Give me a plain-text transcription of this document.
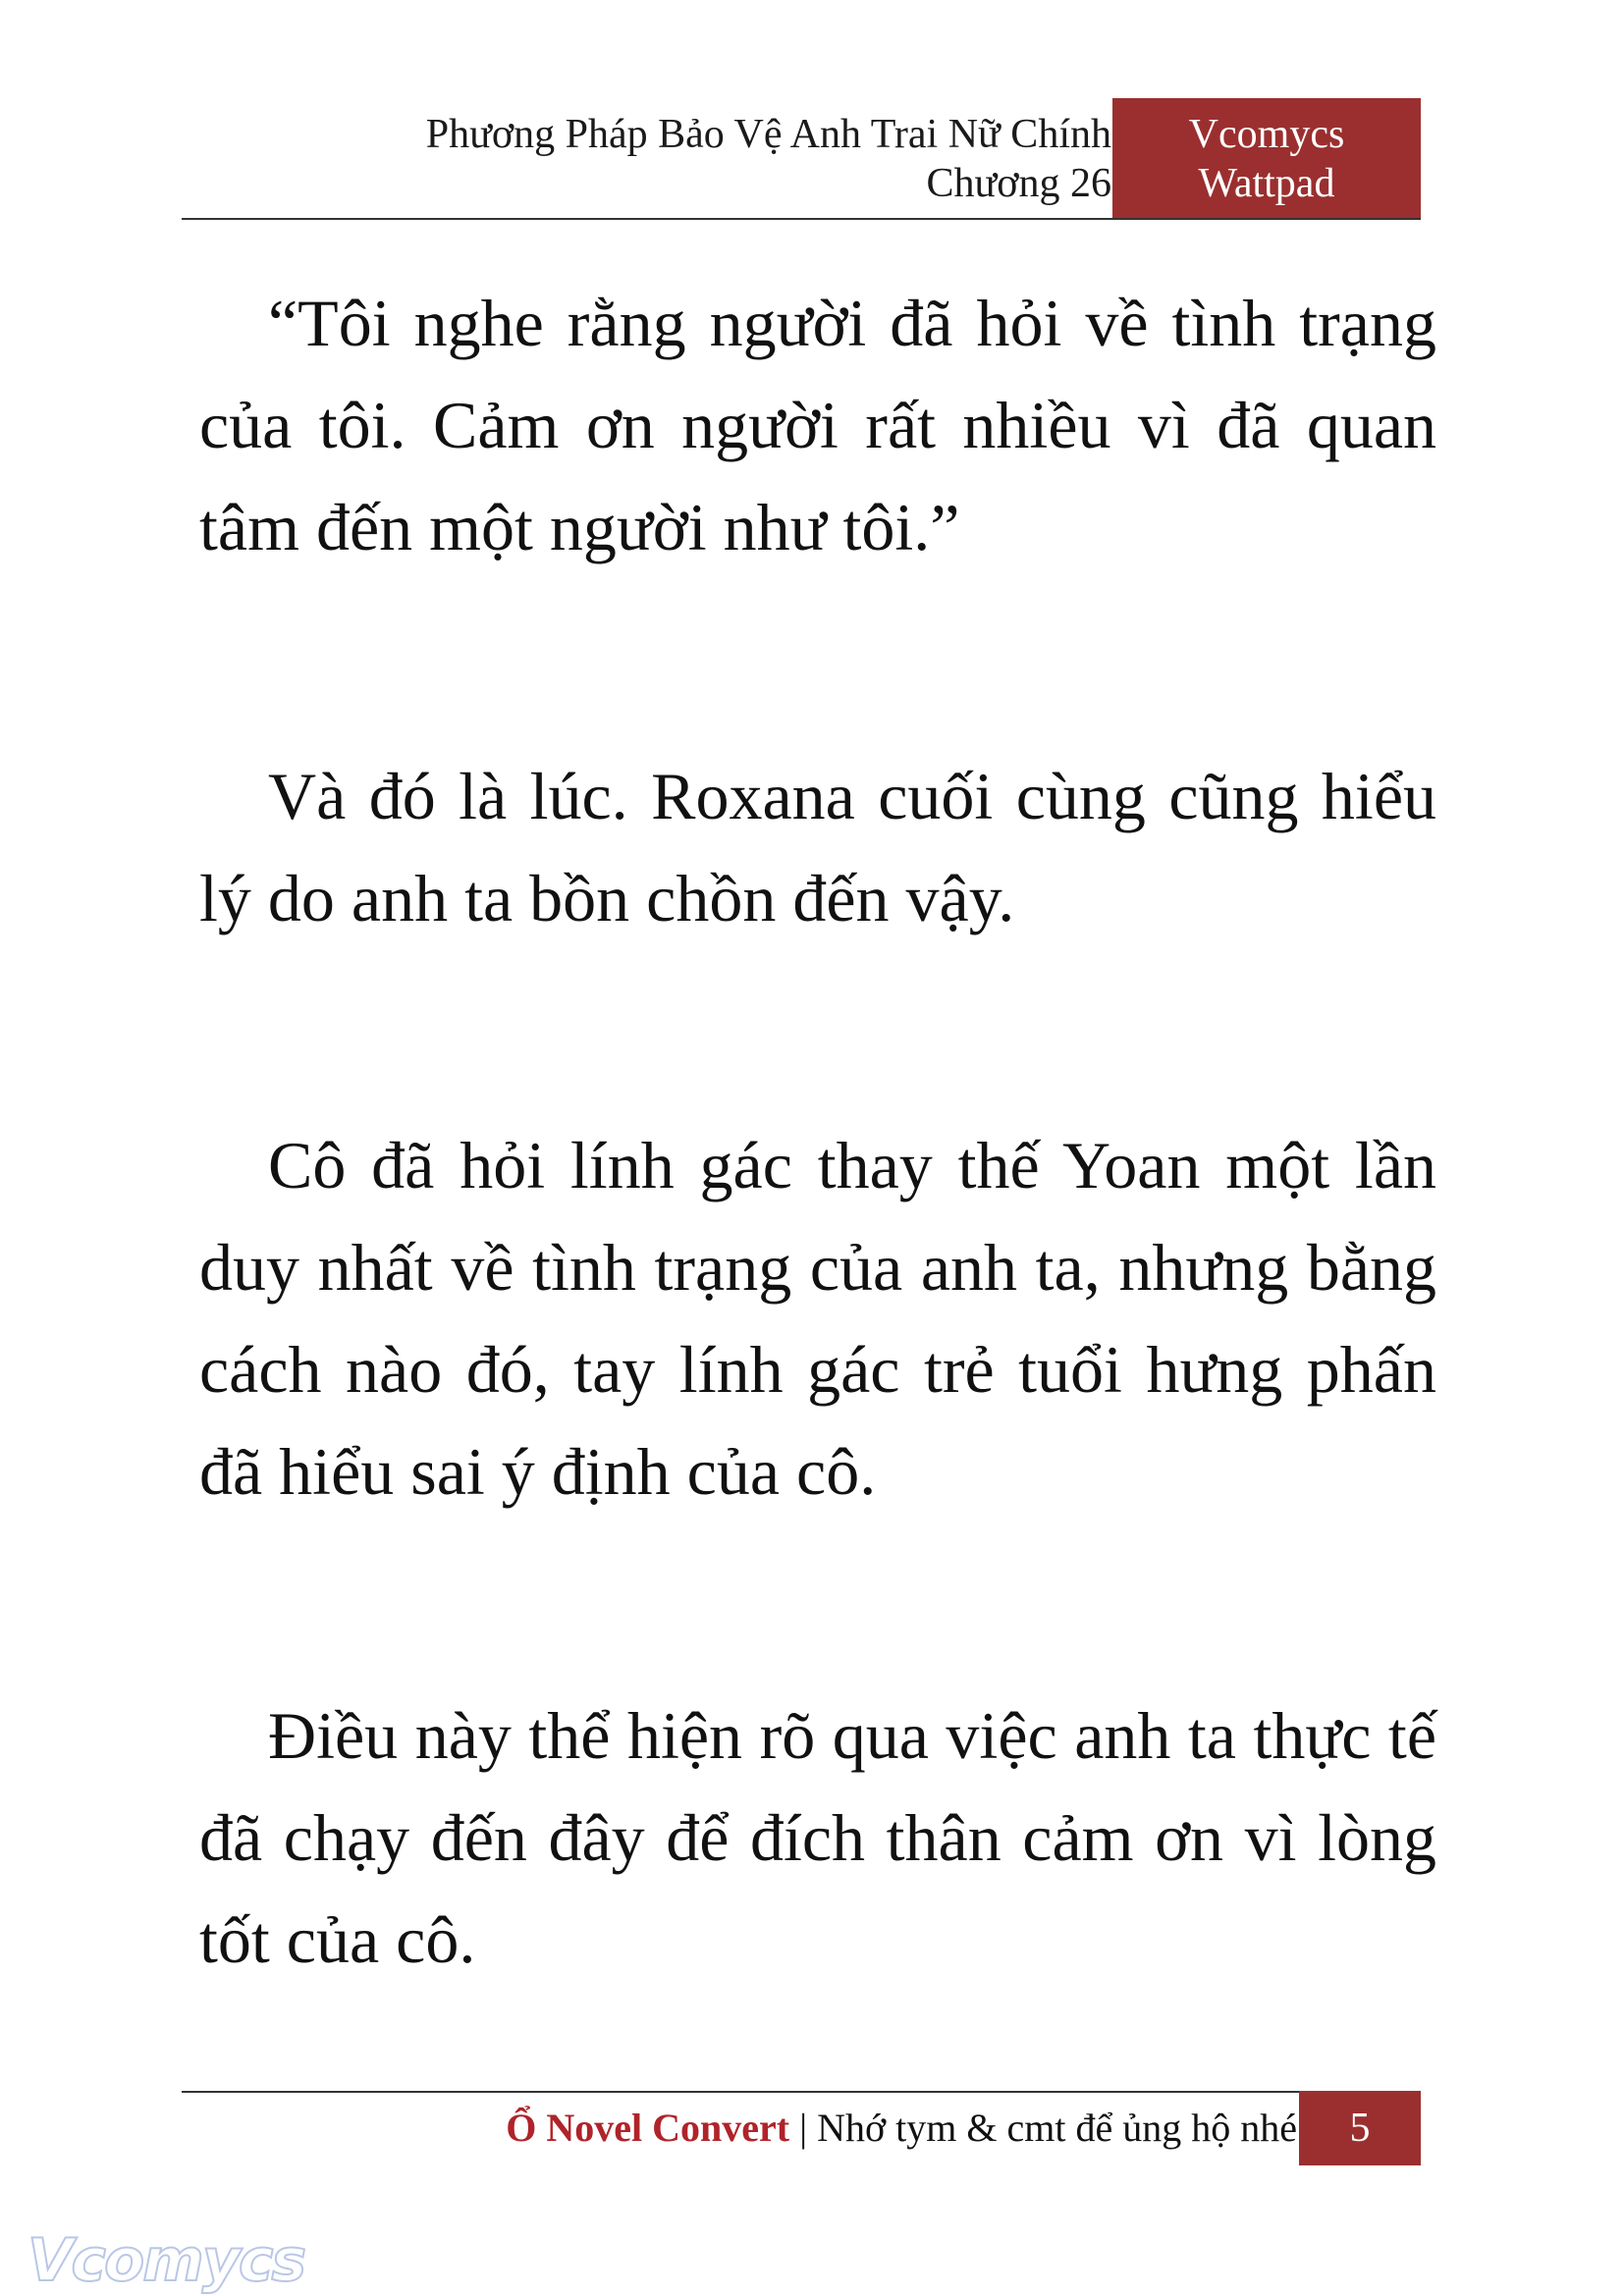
Phương Pháp Bảo Vệ Anh Trai Nữ Chính
Chương 26
Vcomycs
Wattpad

“Tôi nghe rằng người đã hỏi về tình trạng của tôi. Cảm ơn người rất nhiều vì đã quan tâm đến một người như tôi.”

Và đó là lúc. Roxana cuối cùng cũng hiểu lý do anh ta bồn chồn đến vậy.

Cô đã hỏi lính gác thay thế Yoan một lần duy nhất về tình trạng của anh ta, nhưng bằng cách nào đó, tay lính gác trẻ tuổi hưng phấn đã hiểu sai ý định của cô.

Điều này thể hiện rõ qua việc anh ta thực tế đã chạy đến đây để đích thân cảm ơn vì lòng tốt của cô.

Ổ Novel Convert | Nhớ tym & cmt để ủng hộ nhé	5
Vcomycs
